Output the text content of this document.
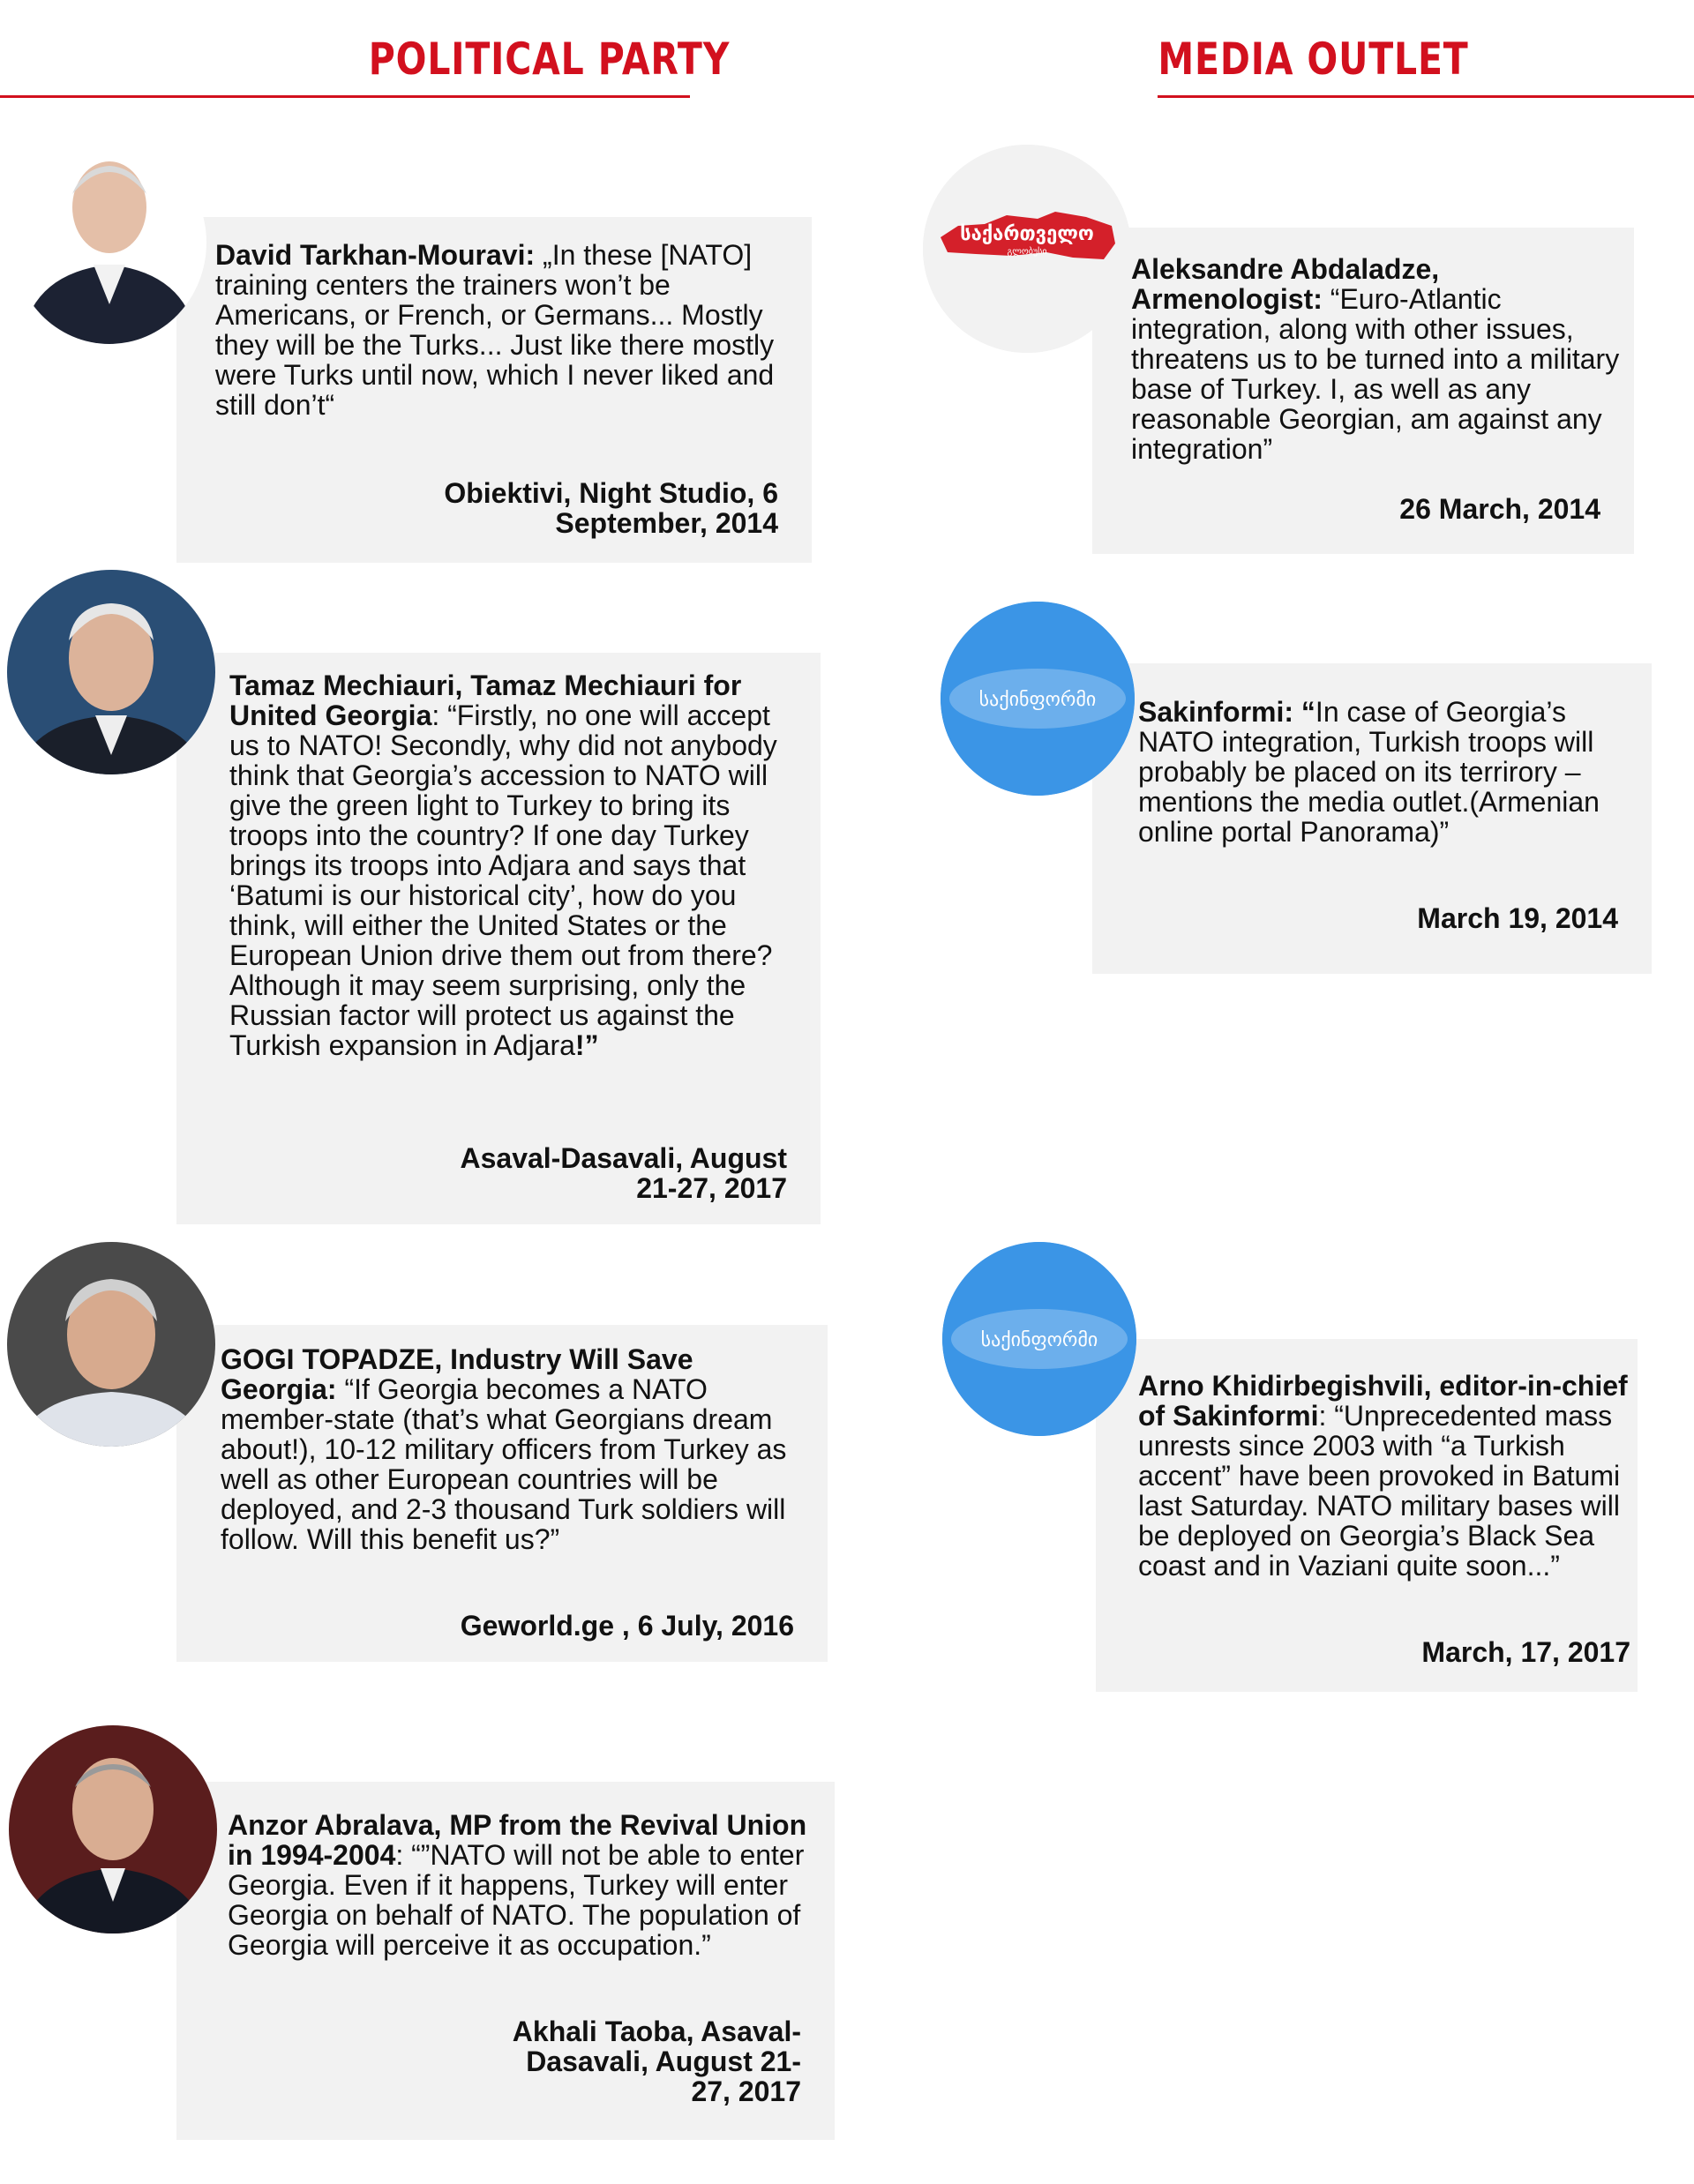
POLITICAL PARTY	MEDIA OUTLET
David Tarkhan-Mouravi: „In these [NATO] training centers the trainers won’t be Americans, or French, or Germans... Mostly they will be the Turks... Just like there mostly were Turks until now, which I never liked and still don’t“
Obiektivi, Night Studio, 6 September, 2014
Tamaz Mechiauri, Tamaz Mechiauri for United Georgia: “Firstly, no one will accept us to NATO! Secondly, why did not anybody think that Georgia’s accession to NATO will give the green light to Turkey to bring its troops into the country? If one day Turkey brings its troops into Adjara and says that ‘Batumi is our historical city’, how do you think, will either the United States or the European Union drive them out from there? Although it may seem surprising, only the Russian factor will protect us against the Turkish expansion in Adjara!”
Asaval-Dasavali, August 21-27, 2017
GOGI TOPADZE, Industry Will Save Georgia: “If Georgia becomes a NATO member-state (that’s what Georgians dream about!), 10-12 military officers from Turkey as well as other European countries will be deployed, and 2-3 thousand Turk soldiers will follow. Will this benefit us?”
Geworld.ge , 6 July, 2016
Anzor Abralava, MP from the Revival Union in 1994-2004: “”NATO will not be able to enter Georgia. Even if it happens, Turkey will enter Georgia on behalf of NATO. The population of Georgia will perceive it as occupation.”
Akhali Taoba, Asaval-Dasavali, August 21-27, 2017
Aleksandre Abdaladze, Armenologist: “Euro-Atlantic integration, along with other issues, threatens us to be turned into a military base of Turkey. I, as well as any reasonable Georgian, am against any integration”
26 March, 2014
საქართველო
გლობუსი
Sakinformi: “In case of Georgia’s NATO integration, Turkish troops will probably be placed on its terrirory – mentions the media outlet.(Armenian online portal Panorama)”
March 19, 2014
საქინფორმი
Arno Khidirbegishvili, editor-in-chief of Sakinformi: “Unprecedented mass unrests since 2003 with “a Turkish accent” have been provoked in Batumi last Saturday. NATO military bases will be deployed on Georgia’s Black Sea coast and in Vaziani quite soon...”
March, 17, 2017
საქინფორმი
